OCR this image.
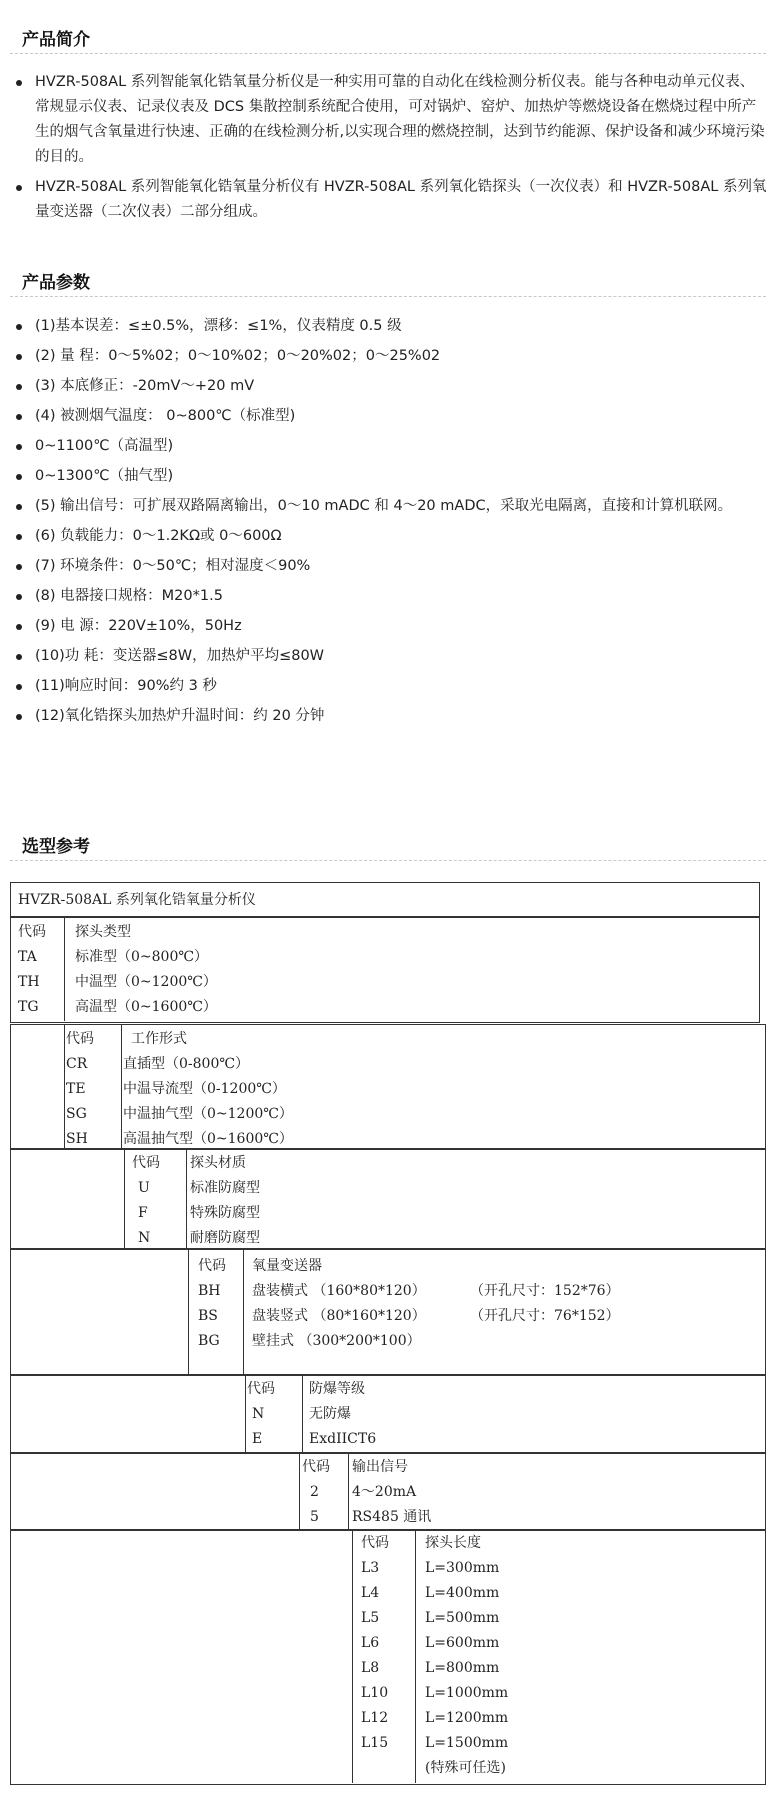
产品简介
HVZR-508AL 系列智能氧化锆氧量分析仪是一种实用可靠的自动化在线检测分析仪表。能与各种电动单元仪表、常规显示仪表、记录仪表及 DCS 集散控制系统配合使用，可对锅炉、窑炉、加热炉等燃烧设备在燃烧过程中所产生的烟气含氧量进行快速、正确的在线检测分析,以实现合理的燃烧控制，达到节约能源、保护设备和减少环境污染的目的。
HVZR-508AL 系列智能氧化锆氧量分析仪有 HVZR-508AL 系列氧化锆探头（一次仪表）和 HVZR-508AL 系列氧量变送器（二次仪表）二部分组成。
产品参数
(1)基本误差：≤±0.5%，漂移：≤1%，仪表精度 0.5 级
(2) 量 程：0～5%02；0～10%02；0～20%02；0～25%02
(3) 本底修正：-20mV～+20 mV
(4) 被测烟气温度： 0~800℃（标准型)
0~1100℃（高温型)
0~1300℃（抽气型)
(5) 输出信号：可扩展双路隔离输出，0～10 mADC 和 4～20 mADC，采取光电隔离，直接和计算机联网。
(6) 负载能力：0～1.2KΩ或 0～600Ω
(7) 环境条件：0～50℃；相对湿度＜90%
(8) 电器接口规格：M20*1.5
(9) 电 源：220V±10%，50Hz
(10)功 耗：变送器≤8W，加热炉平均≤80W
(11)响应时间：90%约 3 秒
(12)氧化锆探头加热炉升温时间：约 20 分钟
选型参考
HVZR-508AL 系列氧化锆氧量分析仪
代码 探头类型
TA	标准型（0~800℃）
TH	中温型（0~1200℃）
TG	高温型（0~1600℃）
代码	工作形式
CR	直插型（0-800℃）
TE	中温导流型（0-1200℃）
SG	中温抽气型（0~1200℃）
SH	高温抽气型（0~1600℃）
代码 探头材质
U	标准防腐型
F	特殊防腐型
N	耐磨防腐型
代码 氧量变送器
BH 盘装横式 （160*80*120）	（开孔尺寸：152*76）
BS 盘装竖式 （80*160*120）	（开孔尺寸：76*152）
BG 壁挂式 （300*200*100）
代码 防爆等级
N	无防爆
E	ExdIICT6
代码 输出信号
2 4～20mA
5 RS485 通讯
代码	探头长度
L3	L=300mm
L4	L=400mm
L5	L=500mm
L6	L=600mm
L8	L=800mm
L10	L=1000mm
L12	L=1200mm
L15	L=1500mm
(特殊可任选)
